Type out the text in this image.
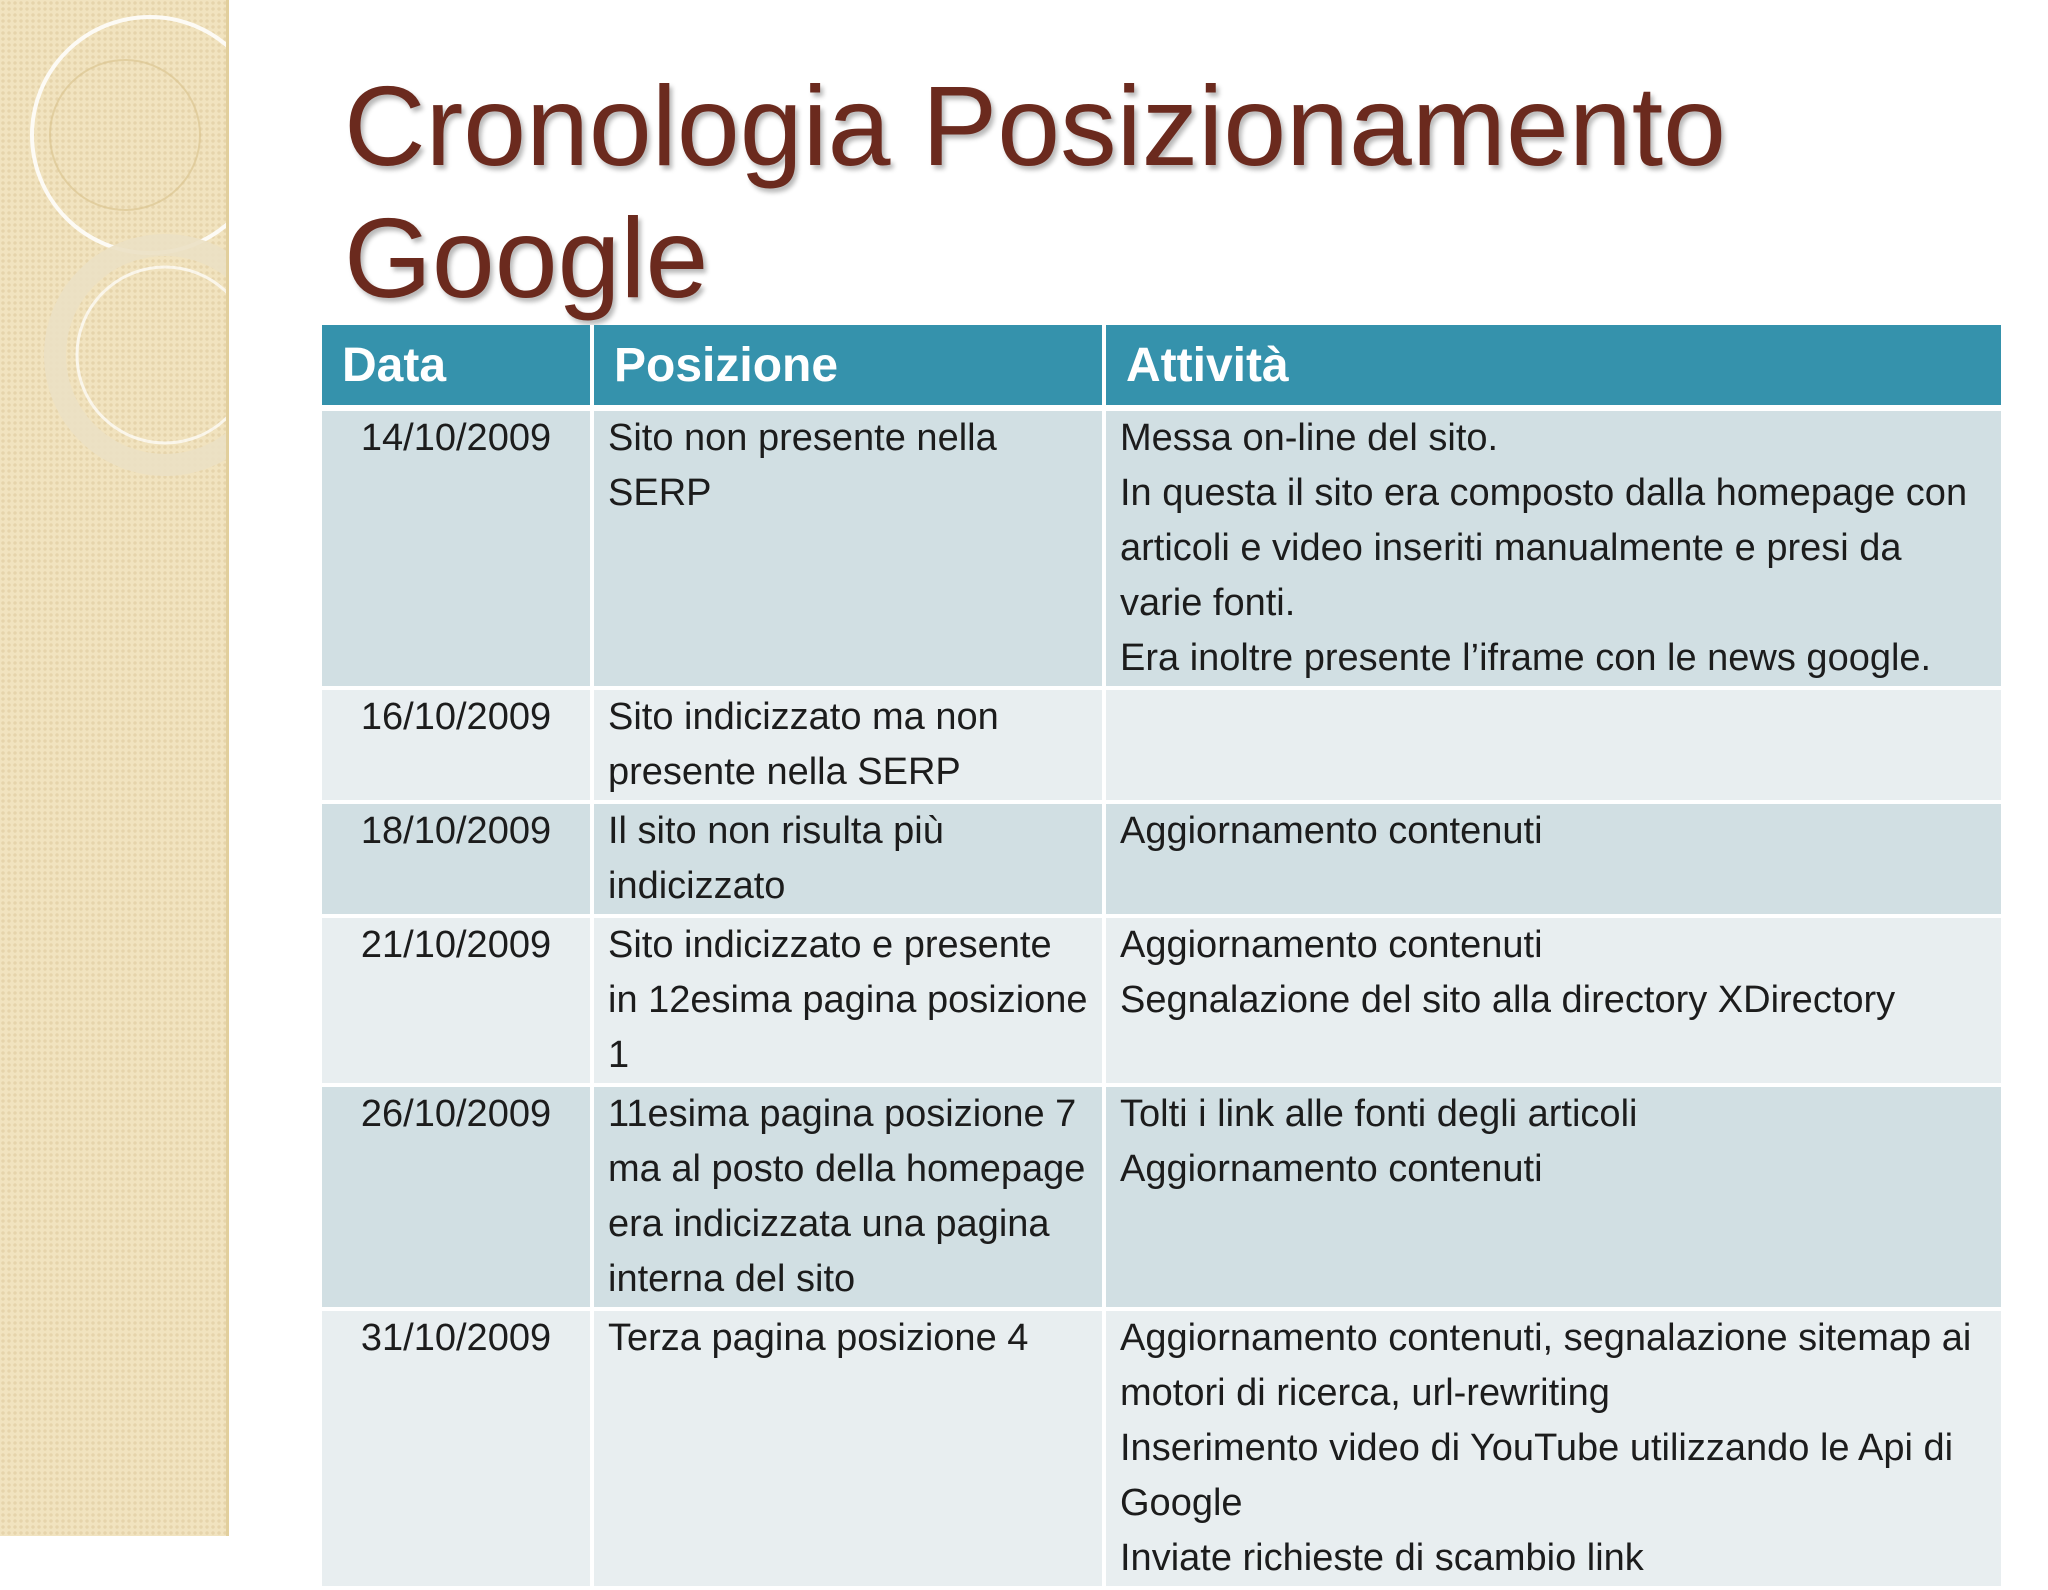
Cronologia Posizionamento Google
Data	Posizione	Attività
14/10/2009	Sito non presente nella SERP	Messa on-line del sito.
In questa il sito era composto dalla homepage con articoli e video inseriti manualmente e presi da varie fonti.
Era inoltre presente l’iframe con le news google.

16/10/2009	Sito indicizzato ma non presente nella SERP	
18/10/2009	Il sito non risulta più indicizzato	Aggiornamento contenuti

21/10/2009	Sito indicizzato e presente in 12esima pagina posizione 1	Aggiornamento contenuti
Segnalazione del sito alla directory XDirectory

26/10/2009	11esima pagina posizione 7 ma al posto della homepage era indicizzata una pagina interna del sito	Tolti i link alle fonti degli articoli
Aggiornamento contenuti

31/10/2009	Terza pagina posizione 4	Aggiornamento contenuti, segnalazione sitemap ai motori di ricerca, url-rewriting
Inserimento video di YouTube utilizzando le Api di Google
Inviate richieste di scambio link
